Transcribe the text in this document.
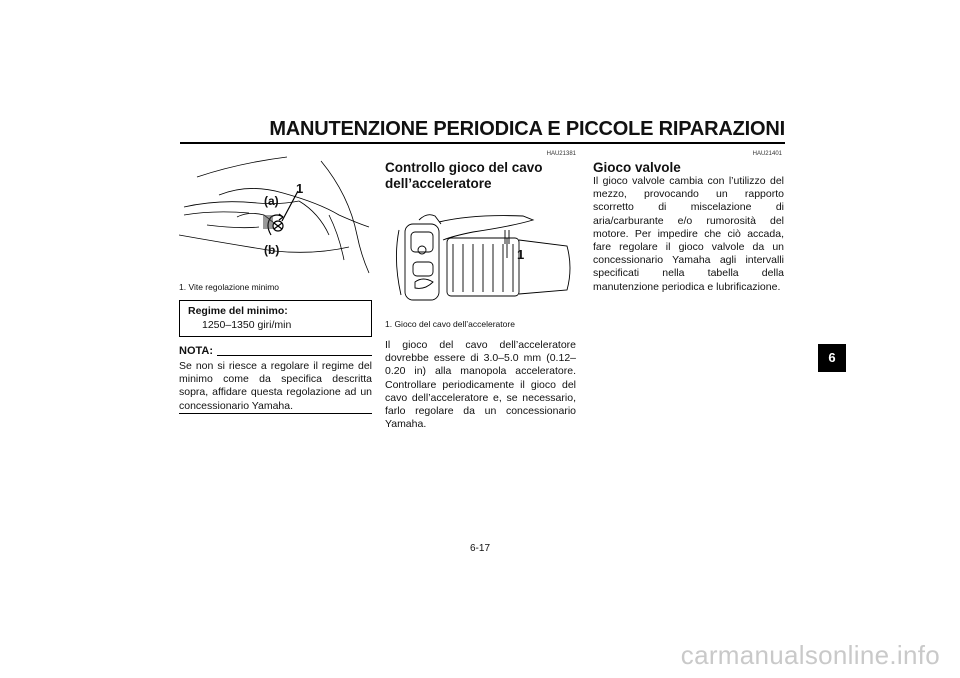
MANUTENZIONE PERIODICA E PICCOLE RIPARAZIONI
6
1
(a)
(b)
1. Vite regolazione minimo
Regime del minimo:
1250–1350 giri/min
NOTA:
Se non si riesce a regolare il regime del minimo come da specifica descritta sopra, affidare questa regolazione ad un concessionario Yamaha.
HAU21381
Controllo gioco del cavo
dell’acceleratore
1
1. Gioco del cavo dell’acceleratore
Il gioco del cavo dell’acceleratore dovrebbe essere di 3.0–5.0 mm (0.12–0.20 in) alla manopola acceleratore. Controllare periodicamente il gioco del cavo dell’acceleratore e, se necessario, farlo regolare da un concessionario Yamaha.
HAU21401
Gioco valvole
Il gioco valvole cambia con l’utilizzo del mezzo, provocando un rapporto scorretto di miscelazione di aria/carburante e/o rumorosità del motore. Per impedire che ciò accada, fare regolare il gioco valvole da un concessionario Yamaha agli intervalli specificati nella tabella della manutenzione periodica e lubrificazione.
6-17
carmanualsonline.info
